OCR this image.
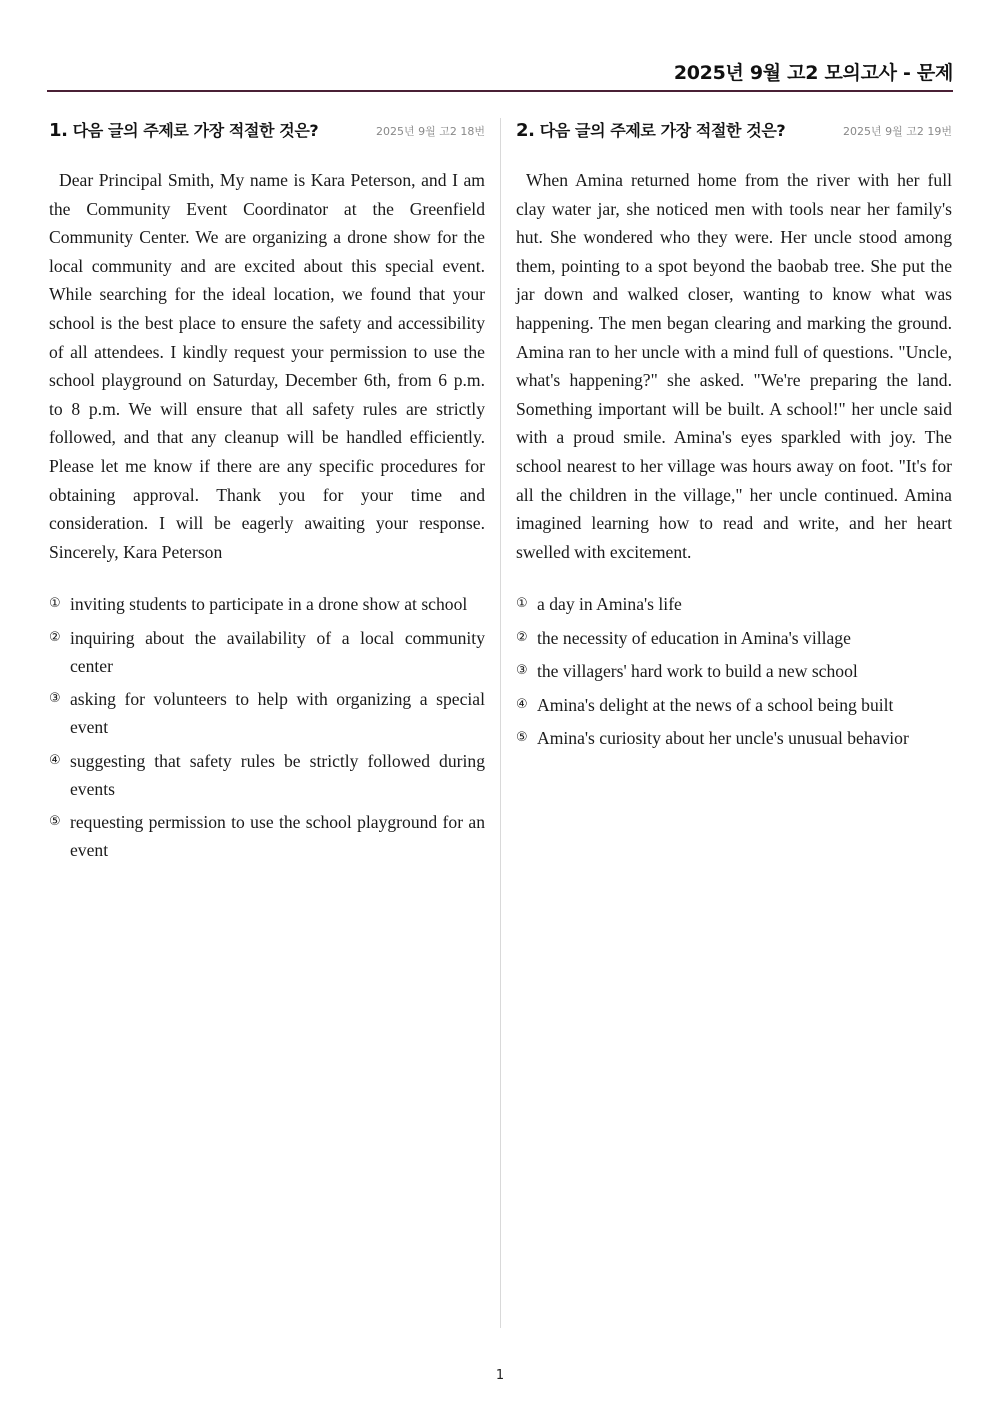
2025년 9월 고2 모의고사 - 문제
1. 다음 글의 주제로 가장 적절한 것은?	2025년 9월 고2 18번
Dear Principal Smith, My name is Kara Peterson, and I am the Community Event Coordinator at the Greenfield Community Center. We are organizing a drone show for the local community and are excited about this special event. While searching for the ideal location, we found that your school is the best place to ensure the safety and accessibility of all attendees. I kindly request your permission to use the school playground on Saturday, December 6th, from 6 p.m. to 8 p.m. We will ensure that all safety rules are strictly followed, and that any cleanup will be handled efficiently. Please let me know if there are any specific procedures for obtaining approval. Thank you for your time and consideration. I will be eagerly awaiting your response. Sincerely, Kara Peterson
① inviting students to participate in a drone show at school
② inquiring about the availability of a local community center
③ asking for volunteers to help with organizing a special event
④ suggesting that safety rules be strictly followed during events
⑤ requesting permission to use the school playground for an event
2. 다음 글의 주제로 가장 적절한 것은?	2025년 9월 고2 19번
When Amina returned home from the river with her full clay water jar, she noticed men with tools near her family's hut. She wondered who they were. Her uncle stood among them, pointing to a spot beyond the baobab tree. She put the jar down and walked closer, wanting to know what was happening. The men began clearing and marking the ground. Amina ran to her uncle with a mind full of questions. "Uncle, what's happening?" she asked. "We're preparing the land. Something important will be built. A school!" her uncle said with a proud smile. Amina's eyes sparkled with joy. The school nearest to her village was hours away on foot. "It's for all the children in the village," her uncle continued. Amina imagined learning how to read and write, and her heart swelled with excitement.
① a day in Amina's life
② the necessity of education in Amina's village
③ the villagers' hard work to build a new school
④ Amina's delight at the news of a school being built
⑤ Amina's curiosity about her uncle's unusual behavior
1
